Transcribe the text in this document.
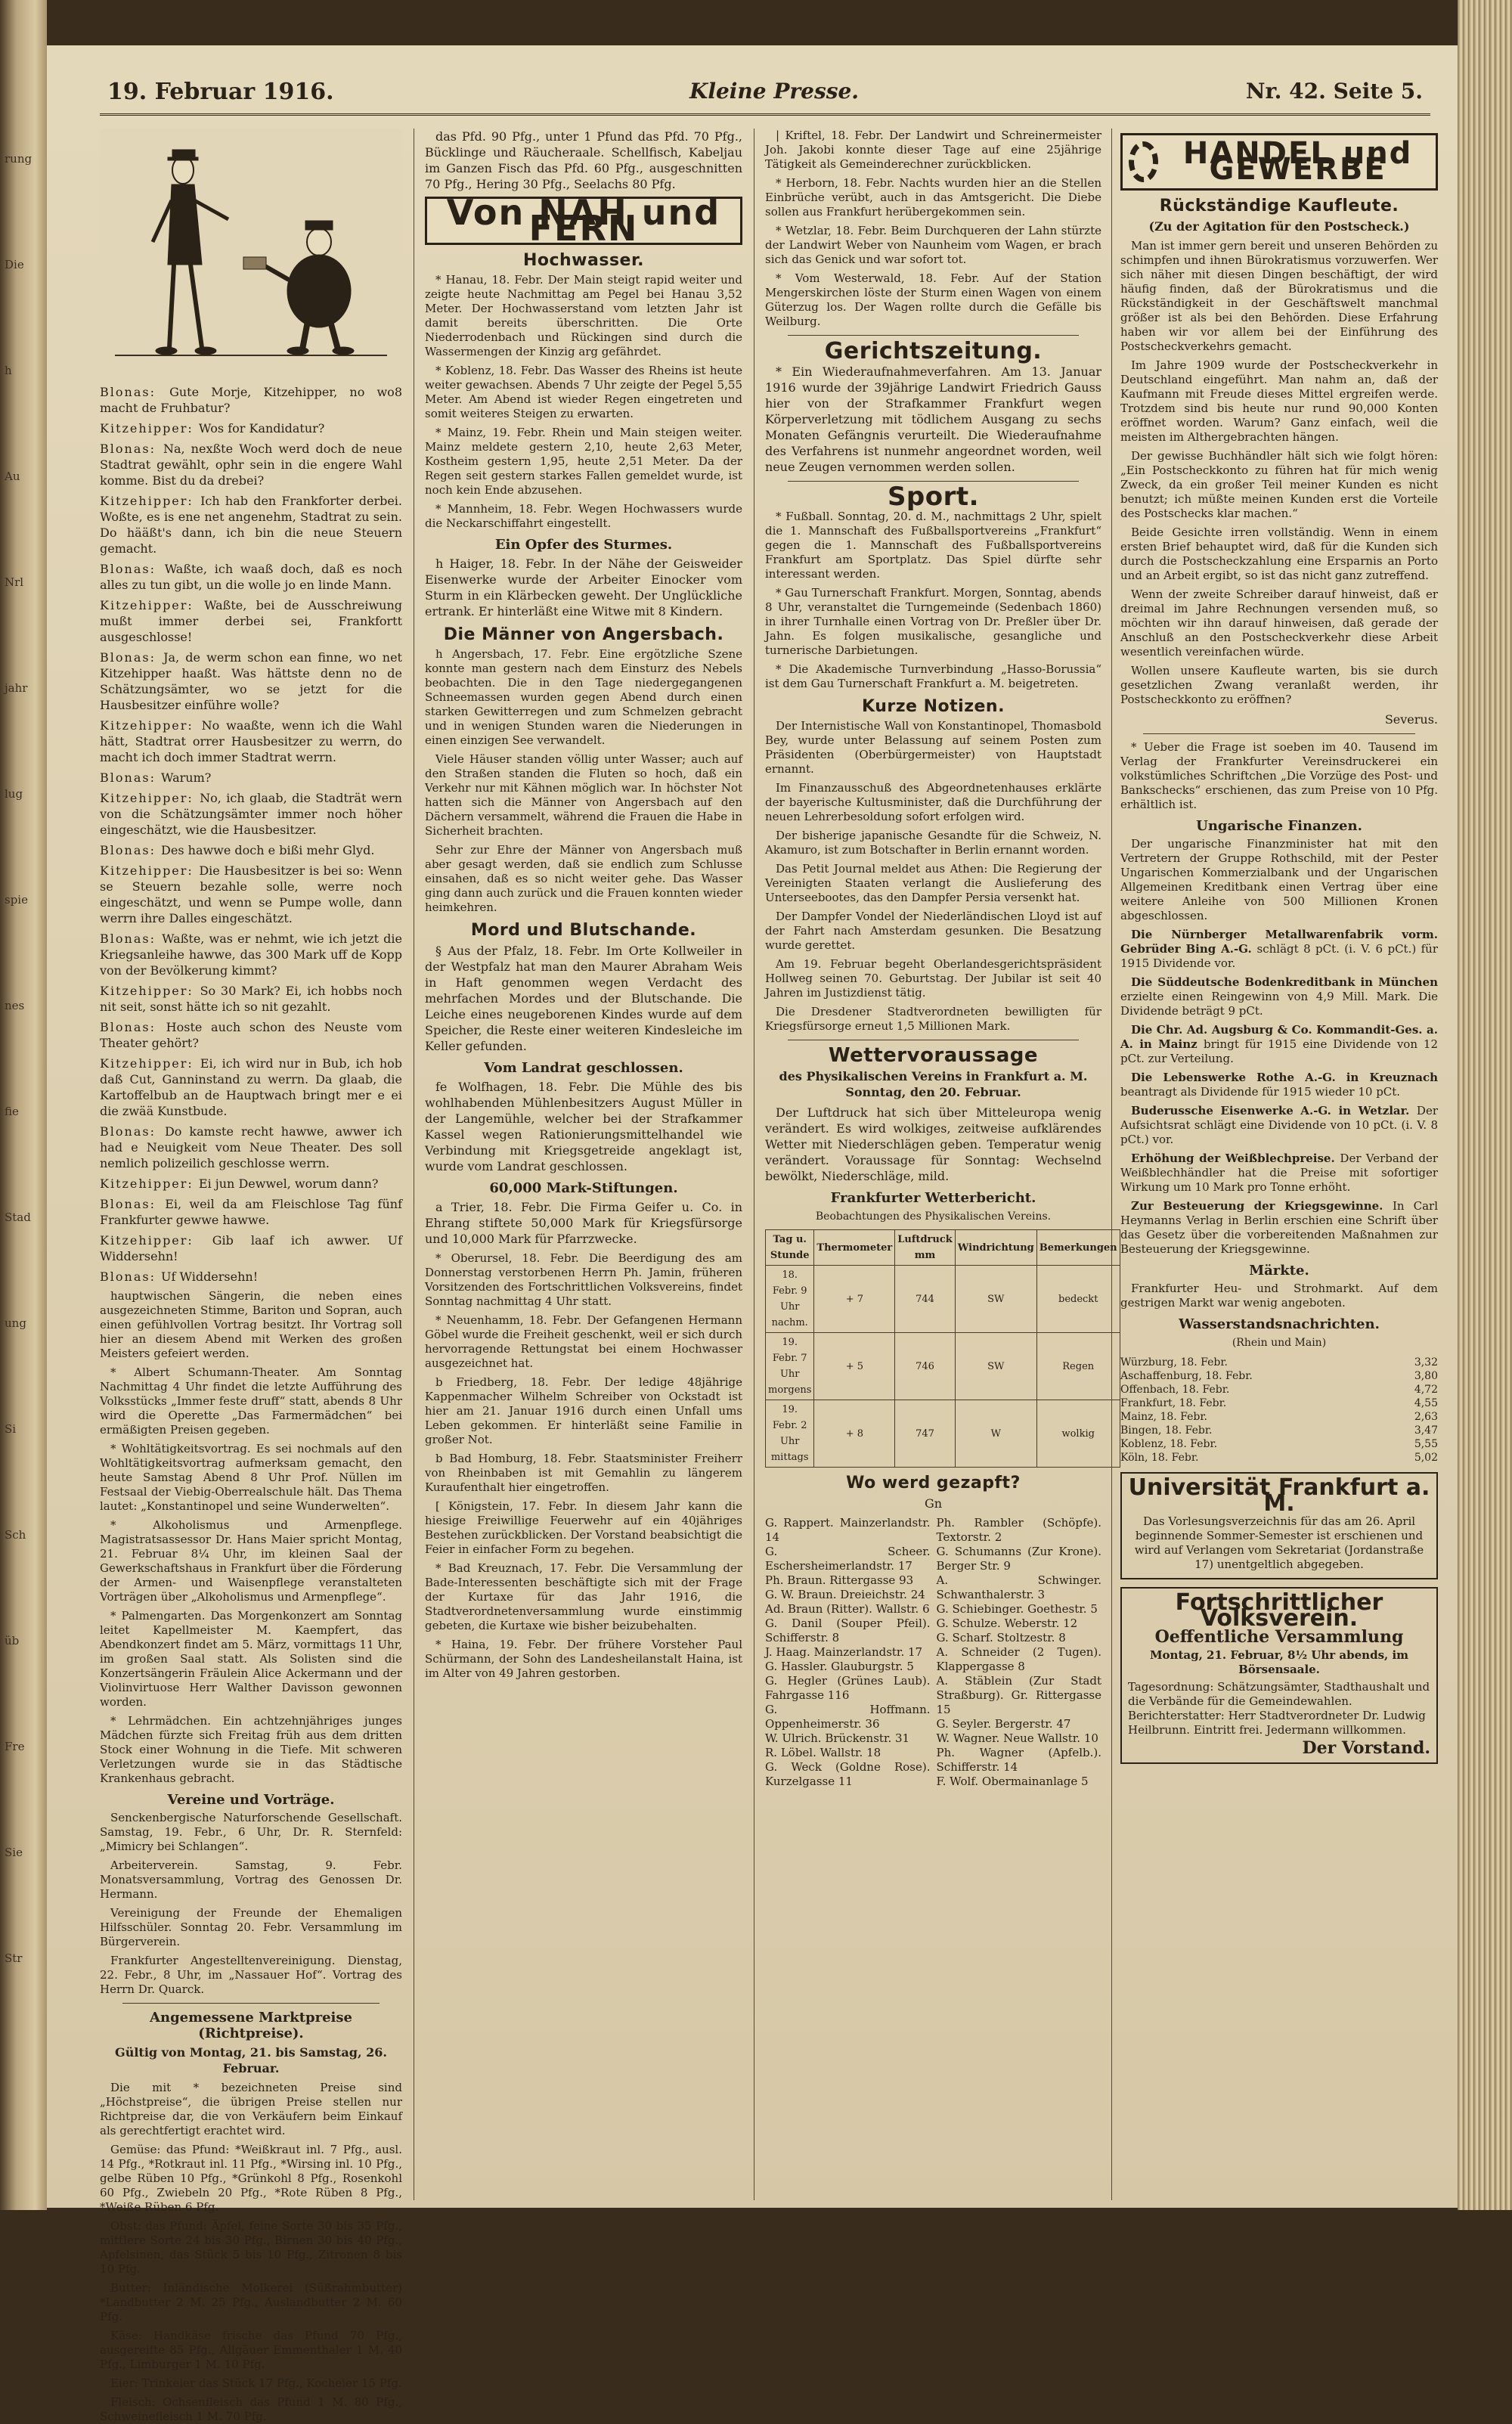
rung
Die
h
Au
Nrl
jahr
lug
spie
nes
fie
Stad
ung
Si
Sch
üb
Fre
Sie
Str
19. Februar 1916.	Kleine Presse.	Nr. 42. Seite 5.

Blonas: Gute Morje, Kitzehipper, no wo8 macht de Fruhbatur?

Kitzehipper: Wos for Kandidatur?

Blonas: Na, nexßte Woch werd doch de neue Stadtrat gewählt, ophr sein in die engere Wahl komme. Bist du da drebei?

Kitzehipper: Ich hab den Frankforter derbei. Woßte, es is ene net angenehm, Stadtrat zu sein. Do hääßt's dann, ich bin die neue Steuern gemacht.

Blonas: Waßte, ich waaß doch, daß es noch alles zu tun gibt, un die wolle jo en linde Mann.

Kitzehipper: Waßte, bei de Ausschreiwung mußt immer derbei sei, Frankfortt ausgeschlosse!

Blonas: Ja, de werm schon ean finne, wo net Kitzehipper haaßt. Was hättste denn no de Schätzungsämter, wo se jetzt for die Hausbesitzer einführe wolle?

Kitzehipper: No waaßte, wenn ich die Wahl hätt, Stadtrat orrer Hausbesitzer zu werrn, do macht ich doch immer Stadtrat werrn.

Blonas: Warum?

Kitzehipper: No, ich glaab, die Stadträt wern von die Schätzungsämter immer noch höher eingeschätzt, wie die Hausbesitzer.

Blonas: Des hawwe doch e bißi mehr Glyd.

Kitzehipper: Die Hausbesitzer is bei so: Wenn se Steuern bezahle solle, werre noch eingeschätzt, und wenn se Pumpe wolle, dann werrn ihre Dalles eingeschätzt.

Blonas: Waßte, was er nehmt, wie ich jetzt die Kriegsanleihe hawwe, das 300 Mark uff de Kopp von der Bevölkerung kimmt?

Kitzehipper: So 30 Mark? Ei, ich hobbs noch nit seit, sonst hätte ich so nit gezahlt.

Blonas: Hoste auch schon des Neuste vom Theater gehört?

Kitzehipper: Ei, ich wird nur in Bub, ich hob daß Cut, Ganninstand zu werrn. Da glaab, die Kartoffelbub an de Hauptwach bringt mer e ei die zwää Kunstbude.

Blonas: Do kamste recht hawwe, awwer ich had e Neuigkeit vom Neue Theater. Des soll nemlich polizeilich geschlosse werrn.

Kitzehipper: Ei jun Dewwel, worum dann?

Blonas: Ei, weil da am Fleischlose Tag fünf Frankfurter gewwe hawwe.

Kitzehipper: Gib laaf ich awwer. Uf Widdersehn!

Blonas: Uf Widdersehn!

hauptwischen Sängerin, die neben eines ausgezeichneten Stimme, Bariton und Sopran, auch einen gefühlvollen Vortrag besitzt. Ihr Vortrag soll hier an diesem Abend mit Werken des großen Meisters gefeiert werden.

* Albert Schumann-Theater. Am Sonntag Nachmittag 4 Uhr findet die letzte Aufführung des Volksstücks „Immer feste druff“ statt, abends 8 Uhr wird die Operette „Das Farmermädchen“ bei ermäßigten Preisen gegeben.

* Wohltätigkeitsvortrag. Es sei nochmals auf den Wohltätigkeitsvortrag aufmerksam gemacht, den heute Samstag Abend 8 Uhr Prof. Nüllen im Festsaal der Viebig-Oberrealschule hält. Das Thema lautet: „Konstantinopel und seine Wunderwelten“.

* Alkoholismus und Armenpflege. Magistratsassessor Dr. Hans Maier spricht Montag, 21. Februar 8¼ Uhr, im kleinen Saal der Gewerkschaftshaus in Frankfurt über die Förderung der Armen- und Waisenpflege veranstalteten Vorträgen über „Alkoholismus und Armenpflege“.

* Palmengarten. Das Morgenkonzert am Sonntag leitet Kapellmeister M. Kaempfert, das Abendkonzert findet am 5. März, vormittags 11 Uhr, im großen Saal statt. Als Solisten sind die Konzertsängerin Fräulein Alice Ackermann und der Violinvirtuose Herr Walther Davisson gewonnen worden.

* Lehrmädchen. Ein achtzehnjähriges junges Mädchen fürzte sich Freitag früh aus dem dritten Stock einer Wohnung in die Tiefe. Mit schweren Verletzungen wurde sie in das Städtische Krankenhaus gebracht.

Vereine und Vorträge.

Senckenbergische Naturforschende Gesellschaft. Samstag, 19. Febr., 6 Uhr, Dr. R. Sternfeld: „Mimicry bei Schlangen“.

Arbeiterverein. Samstag, 9. Febr. Monatsversammlung, Vortrag des Genossen Dr. Hermann.

Vereinigung der Freunde der Ehemaligen Hilfsschüler. Sonntag 20. Febr. Versammlung im Bürgerverein.

Frankfurter Angestelltenvereinigung. Dienstag, 22. Febr., 8 Uhr, im „Nassauer Hof“. Vortrag des Herrn Dr. Quarck.

Angemessene Marktpreise (Richtpreise).

Gültig von Montag, 21. bis Samstag, 26. Februar.

Die mit * bezeichneten Preise sind „Höchstpreise“, die übrigen Preise stellen nur Richtpreise dar, die von Verkäufern beim Einkauf als gerechtfertigt erachtet wird.

Gemüse: das Pfund: *Weißkraut inl. 7 Pfg., ausl. 14 Pfg., *Rotkraut inl. 11 Pfg., *Wirsing inl. 10 Pfg., gelbe Rüben 10 Pfg., *Grünkohl 8 Pfg., Rosenkohl 60 Pfg., Zwiebeln 20 Pfg., *Rote Rüben 8 Pfg., *Weiße Rüben 6 Pfg.

Obst: das Pfund: Äpfel, feine Sorte 30 bis 35 Pfg., mittlere Sorte 24 bis 30 Pfg., Birnen 30 bis 40 Pfg., Apfelsinen, das Stück 5 bis 10 Pfg., Zitronen 8 bis 10 Pfg.

Butter: Inländische Molkerei (Süßrahmbutter) *Landbutter 2 M. 25 Pfg., Auslandbutter 2 M. 60 Pfg.

Käse: Handkäse frische das Pfund 70 Pfg., ausgereifte 85 Pfg., Allgäuer Emmenthaler 1 M. 40 Pfg., Limburger 1 M. 10 Pfg.

Eier: Trinkeier das Stück 17 Pfg., Kocheier 15 Pfg.

Fleisch: Ochsenfleisch das Pfund 1 M. 80 Pfg., Schweinefleisch 1 M. 70 Pfg.

das Pfd. 90 Pfg., unter 1 Pfund das Pfd. 70 Pfg., Bücklinge und Räucheraale. Schellfisch, Kabeljau im Ganzen Fisch das Pfd. 60 Pfg., ausgeschnitten 70 Pfg., Hering 30 Pfg., Seelachs 80 Pfg.

Von NAH und FERN
Hochwasser.

* Hanau, 18. Febr. Der Main steigt rapid weiter und zeigte heute Nachmittag am Pegel bei Hanau 3,52 Meter. Der Hochwasserstand vom letzten Jahr ist damit bereits überschritten. Die Orte Niederrodenbach und Rückingen sind durch die Wassermengen der Kinzig arg gefährdet.

* Koblenz, 18. Febr. Das Wasser des Rheins ist heute weiter gewachsen. Abends 7 Uhr zeigte der Pegel 5,55 Meter. Am Abend ist wieder Regen eingetreten und somit weiteres Steigen zu erwarten.

* Mainz, 19. Febr. Rhein und Main steigen weiter. Mainz meldete gestern 2,10, heute 2,63 Meter, Kostheim gestern 1,95, heute 2,51 Meter. Da der Regen seit gestern starkes Fallen gemeldet wurde, ist noch kein Ende abzusehen.

* Mannheim, 18. Febr. Wegen Hochwassers wurde die Neckarschiffahrt eingestellt.

Ein Opfer des Sturmes.

h Haiger, 18. Febr. In der Nähe der Geisweider Eisenwerke wurde der Arbeiter Einocker vom Sturm in ein Klärbecken geweht. Der Unglückliche ertrank. Er hinterläßt eine Witwe mit 8 Kindern.

Die Männer von Angersbach.

h Angersbach, 17. Febr. Eine ergötzliche Szene konnte man gestern nach dem Einsturz des Nebels beobachten. Die in den Tage niedergegangenen Schneemassen wurden gegen Abend durch einen starken Gewitterregen und zum Schmelzen gebracht und in wenigen Stunden waren die Niederungen in einen einzigen See verwandelt.

Viele Häuser standen völlig unter Wasser; auch auf den Straßen standen die Fluten so hoch, daß ein Verkehr nur mit Kähnen möglich war. In höchster Not hatten sich die Männer von Angersbach auf den Dächern versammelt, während die Frauen die Habe in Sicherheit brachten.

Sehr zur Ehre der Männer von Angersbach muß aber gesagt werden, daß sie endlich zum Schlusse einsahen, daß es so nicht weiter gehe. Das Wasser ging dann auch zurück und die Frauen konnten wieder heimkehren.

Mord und Blutschande.

§ Aus der Pfalz, 18. Febr. Im Orte Kollweiler in der Westpfalz hat man den Maurer Abraham Weis in Haft genommen wegen Verdacht des mehrfachen Mordes und der Blutschande. Die Leiche eines neugeborenen Kindes wurde auf dem Speicher, die Reste einer weiteren Kindesleiche im Keller gefunden.

Vom Landrat geschlossen.

fe Wolfhagen, 18. Febr. Die Mühle des bis wohlhabenden Mühlenbesitzers August Müller in der Langemühle, welcher bei der Strafkammer Kassel wegen Rationierungsmittelhandel wie Verbindung mit Kriegsgetreide angeklagt ist, wurde vom Landrat geschlossen.

60,000 Mark-Stiftungen.

a Trier, 18. Febr. Die Firma Geifer u. Co. in Ehrang stiftete 50,000 Mark für Kriegsfürsorge und 10,000 Mark für Pfarrzwecke.

* Oberursel, 18. Febr. Die Beerdigung des am Donnerstag verstorbenen Herrn Ph. Jamin, früheren Vorsitzenden des Fortschrittlichen Volksvereins, findet Sonntag nachmittag 4 Uhr statt.

* Neuenhamm, 18. Febr. Der Gefangenen Hermann Göbel wurde die Freiheit geschenkt, weil er sich durch hervorragende Rettungstat bei einem Hochwasser ausgezeichnet hat.

b Friedberg, 18. Febr. Der ledige 48jährige Kappenmacher Wilhelm Schreiber von Ockstadt ist hier am 21. Januar 1916 durch einen Unfall ums Leben gekommen. Er hinterläßt seine Familie in großer Not.

b Bad Homburg, 18. Febr. Staatsminister Freiherr von Rheinbaben ist mit Gemahlin zu längerem Kuraufenthalt hier eingetroffen.

[ Königstein, 17. Febr. In diesem Jahr kann die hiesige Freiwillige Feuerwehr auf ein 40jähriges Bestehen zurückblicken. Der Vorstand beabsichtigt die Feier in einfacher Form zu begehen.

* Bad Kreuznach, 17. Febr. Die Versammlung der Bade-Interessenten beschäftigte sich mit der Frage der Kurtaxe für das Jahr 1916, die Stadtverordnetenversammlung wurde einstimmig gebeten, die Kurtaxe wie bisher beizubehalten.

* Haina, 19. Febr. Der frühere Vorsteher Paul Schürmann, der Sohn des Landesheilanstalt Haina, ist im Alter von 49 Jahren gestorben.

| Kriftel, 18. Febr. Der Landwirt und Schreinermeister Joh. Jakobi konnte dieser Tage auf eine 25jährige Tätigkeit als Gemeinderechner zurückblicken.

* Herborn, 18. Febr. Nachts wurden hier an die Stellen Einbrüche verübt, auch in das Amtsgericht. Die Diebe sollen aus Frankfurt herübergekommen sein.

* Wetzlar, 18. Febr. Beim Durchqueren der Lahn stürzte der Landwirt Weber von Naunheim vom Wagen, er brach sich das Genick und war sofort tot.

* Vom Westerwald, 18. Febr. Auf der Station Mengerskirchen löste der Sturm einen Wagen von einem Güterzug los. Der Wagen rollte durch die Gefälle bis Weilburg.

Gerichtszeitung.

* Ein Wiederaufnahmeverfahren. Am 13. Januar 1916 wurde der 39jährige Landwirt Friedrich Gauss hier von der Strafkammer Frankfurt wegen Körperverletzung mit tödlichem Ausgang zu sechs Monaten Gefängnis verurteilt. Die Wiederaufnahme des Verfahrens ist nunmehr angeordnet worden, weil neue Zeugen vernommen werden sollen.

Sport.

* Fußball. Sonntag, 20. d. M., nachmittags 2 Uhr, spielt die 1. Mannschaft des Fußballsportvereins „Frankfurt“ gegen die 1. Mannschaft des Fußballsportvereins Frankfurt am Sportplatz. Das Spiel dürfte sehr interessant werden.

* Gau Turnerschaft Frankfurt. Morgen, Sonntag, abends 8 Uhr, veranstaltet die Turngemeinde (Sedenbach 1860) in ihrer Turnhalle einen Vortrag von Dr. Preßler über Dr. Jahn. Es folgen musikalische, gesangliche und turnerische Darbietungen.

* Die Akademische Turnverbindung „Hasso-Borussia“ ist dem Gau Turnerschaft Frankfurt a. M. beigetreten.

Kurze Notizen.

Der Internistische Wall von Konstantinopel, Thomasbold Bey, wurde unter Belassung auf seinem Posten zum Präsidenten (Oberbürgermeister) von Hauptstadt ernannt.

Im Finanzausschuß des Abgeordnetenhauses erklärte der bayerische Kultusminister, daß die Durchführung der neuen Lehrerbesoldung sofort erfolgen wird.

Der bisherige japanische Gesandte für die Schweiz, N. Akamuro, ist zum Botschafter in Berlin ernannt worden.

Das Petit Journal meldet aus Athen: Die Regierung der Vereinigten Staaten verlangt die Auslieferung des Unterseebootes, das den Dampfer Persia versenkt hat.

Der Dampfer Vondel der Niederländischen Lloyd ist auf der Fahrt nach Amsterdam gesunken. Die Besatzung wurde gerettet.

Am 19. Februar begeht Oberlandesgerichtspräsident Hollweg seinen 70. Geburtstag. Der Jubilar ist seit 40 Jahren im Justizdienst tätig.

Die Dresdener Stadtverordneten bewilligten für Kriegsfürsorge erneut 1,5 Millionen Mark.

Wettervoraussage

des Physikalischen Vereins in Frankfurt a. M. Sonntag, den 20. Februar.

Der Luftdruck hat sich über Mitteleuropa wenig verändert. Es wird wolkiges, zeitweise aufklärendes Wetter mit Niederschlägen geben. Temperatur wenig verändert. Voraussage für Sonntag: Wechselnd bewölkt, Niederschläge, mild.

Frankfurter Wetterbericht.

Beobachtungen des Physikalischen Vereins.

Tag u. Stunde	Thermometer	Luftdruck mm	Windrichtung	Bemerkungen
18. Febr. 9 Uhr nachm.	+ 7	744	SW	bedeckt
19. Febr. 7 Uhr morgens	+ 5	746	SW	Regen
19. Febr. 2 Uhr mittags	+ 8	747	W	wolkig
Wo werd gezapft?

Gn

G. Rappert. Mainzerlandstr. 14
G. Scheer. Eschersheimerlandstr. 17
Ph. Braun. Rittergasse 93
G. W. Braun. Dreieichstr. 24
Ad. Braun (Ritter). Wallstr. 6
G. Danil (Souper Pfeil). Schifferstr. 8
J. Haag. Mainzerlandstr. 17
G. Hassler. Glauburgstr. 5
G. Hegler (Grünes Laub). Fahrgasse 116
G. Hoffmann. Oppenheimerstr. 36
W. Ulrich. Brückenstr. 31
R. Löbel. Wallstr. 18
G. Weck (Goldne Rose). Kurzelgasse 11
Ph. Rambler (Schöpfe). Textorstr. 2
G. Schumanns (Zur Krone). Berger Str. 9
A. Schwinger. Schwanthalerstr. 3
G. Schiebinger. Goethestr. 5
G. Schulze. Weberstr. 12
G. Scharf. Stoltzestr. 8
A. Schneider (2 Tugen). Klappergasse 8
A. Stäblein (Zur Stadt Straßburg). Gr. Rittergasse 15
G. Seyler. Bergerstr. 47
W. Wagner. Neue Wallstr. 10
Ph. Wagner (Apfelb.). Schifferstr. 14
F. Wolf. Obermainanlage 5
HANDEL und GEWERBE
Rückständige Kaufleute.

(Zu der Agitation für den Postscheck.)

Man ist immer gern bereit und unseren Behörden zu schimpfen und ihnen Bürokratismus vorzuwerfen. Wer sich näher mit diesen Dingen beschäftigt, der wird häufig finden, daß der Bürokratismus und die Rückständigkeit in der Geschäftswelt manchmal größer ist als bei den Behörden. Diese Erfahrung haben wir vor allem bei der Einführung des Postscheckverkehrs gemacht.

Im Jahre 1909 wurde der Postscheckverkehr in Deutschland eingeführt. Man nahm an, daß der Kaufmann mit Freude dieses Mittel ergreifen werde. Trotzdem sind bis heute nur rund 90,000 Konten eröffnet worden. Warum? Ganz einfach, weil die meisten im Althergebrachten hängen.

Der gewisse Buchhändler hält sich wie folgt hören: „Ein Postscheckkonto zu führen hat für mich wenig Zweck, da ein großer Teil meiner Kunden es nicht benutzt; ich müßte meinen Kunden erst die Vorteile des Postschecks klar machen.“

Beide Gesichte irren vollständig. Wenn in einem ersten Brief behauptet wird, daß für die Kunden sich durch die Postscheckzahlung eine Ersparnis an Porto und an Arbeit ergibt, so ist das nicht ganz zutreffend.

Wenn der zweite Schreiber darauf hinweist, daß er dreimal im Jahre Rechnungen versenden muß, so möchten wir ihn darauf hinweisen, daß gerade der Anschluß an den Postscheckverkehr diese Arbeit wesentlich vereinfachen würde.

Wollen unsere Kaufleute warten, bis sie durch gesetzlichen Zwang veranlaßt werden, ihr Postscheckkonto zu eröffnen?

Severus.

* Ueber die Frage ist soeben im 40. Tausend im Verlag der Frankfurter Vereinsdruckerei ein volkstümliches Schriftchen „Die Vorzüge des Post- und Bankschecks“ erschienen, das zum Preise von 10 Pfg. erhältlich ist.

Ungarische Finanzen.

Der ungarische Finanzminister hat mit den Vertretern der Gruppe Rothschild, mit der Pester Ungarischen Kommerzialbank und der Ungarischen Allgemeinen Kreditbank einen Vertrag über eine weitere Anleihe von 500 Millionen Kronen abgeschlossen.

Die Nürnberger Metallwarenfabrik vorm. Gebrüder Bing A.-G. schlägt 8 pCt. (i. V. 6 pCt.) für 1915 Dividende vor.

Die Süddeutsche Bodenkreditbank in München erzielte einen Reingewinn von 4,9 Mill. Mark. Die Dividende beträgt 9 pCt.

Die Chr. Ad. Augsburg & Co. Kommandit-Ges. a. A. in Mainz bringt für 1915 eine Dividende von 12 pCt. zur Verteilung.

Die Lebenswerke Rothe A.-G. in Kreuznach beantragt als Dividende für 1915 wieder 10 pCt.

Buderussche Eisenwerke A.-G. in Wetzlar. Der Aufsichtsrat schlägt eine Dividende von 10 pCt. (i. V. 8 pCt.) vor.

Erhöhung der Weißblechpreise. Der Verband der Weißblechhändler hat die Preise mit sofortiger Wirkung um 10 Mark pro Tonne erhöht.

Zur Besteuerung der Kriegsgewinne. In Carl Heymanns Verlag in Berlin erschien eine Schrift über das Gesetz über die vorbereitenden Maßnahmen zur Besteuerung der Kriegsgewinne.

Märkte.

Frankfurter Heu- und Strohmarkt. Auf dem gestrigen Markt war wenig angeboten.

Wasserstandsnachrichten.

(Rhein und Main)

Würzburg, 18. Febr.	3,32
Aschaffenburg, 18. Febr.	3,80
Offenbach, 18. Febr.	4,72
Frankfurt, 18. Febr.	4,55
Mainz, 18. Febr.	2,63
Bingen, 18. Febr.	3,47
Koblenz, 18. Febr.	5,55
Köln, 18. Febr.	5,02
Universität Frankfurt a. M.
Das Vorlesungsverzeichnis für das am 26. April beginnende Sommer-Semester ist erschienen und wird auf Verlangen vom Sekretariat (Jordanstraße 17) unentgeltlich abgegeben.
Fortschrittlicher Volksverein.
Oeffentliche Versammlung
Montag, 21. Februar, 8½ Uhr abends, im Börsensaale.
Tagesordnung: Schätzungsämter, Stadthaushalt und die Verbände für die Gemeindewahlen. Berichterstatter: Herr Stadtverordneter Dr. Ludwig Heilbrunn. Eintritt frei. Jedermann willkommen.
Der Vorstand.
